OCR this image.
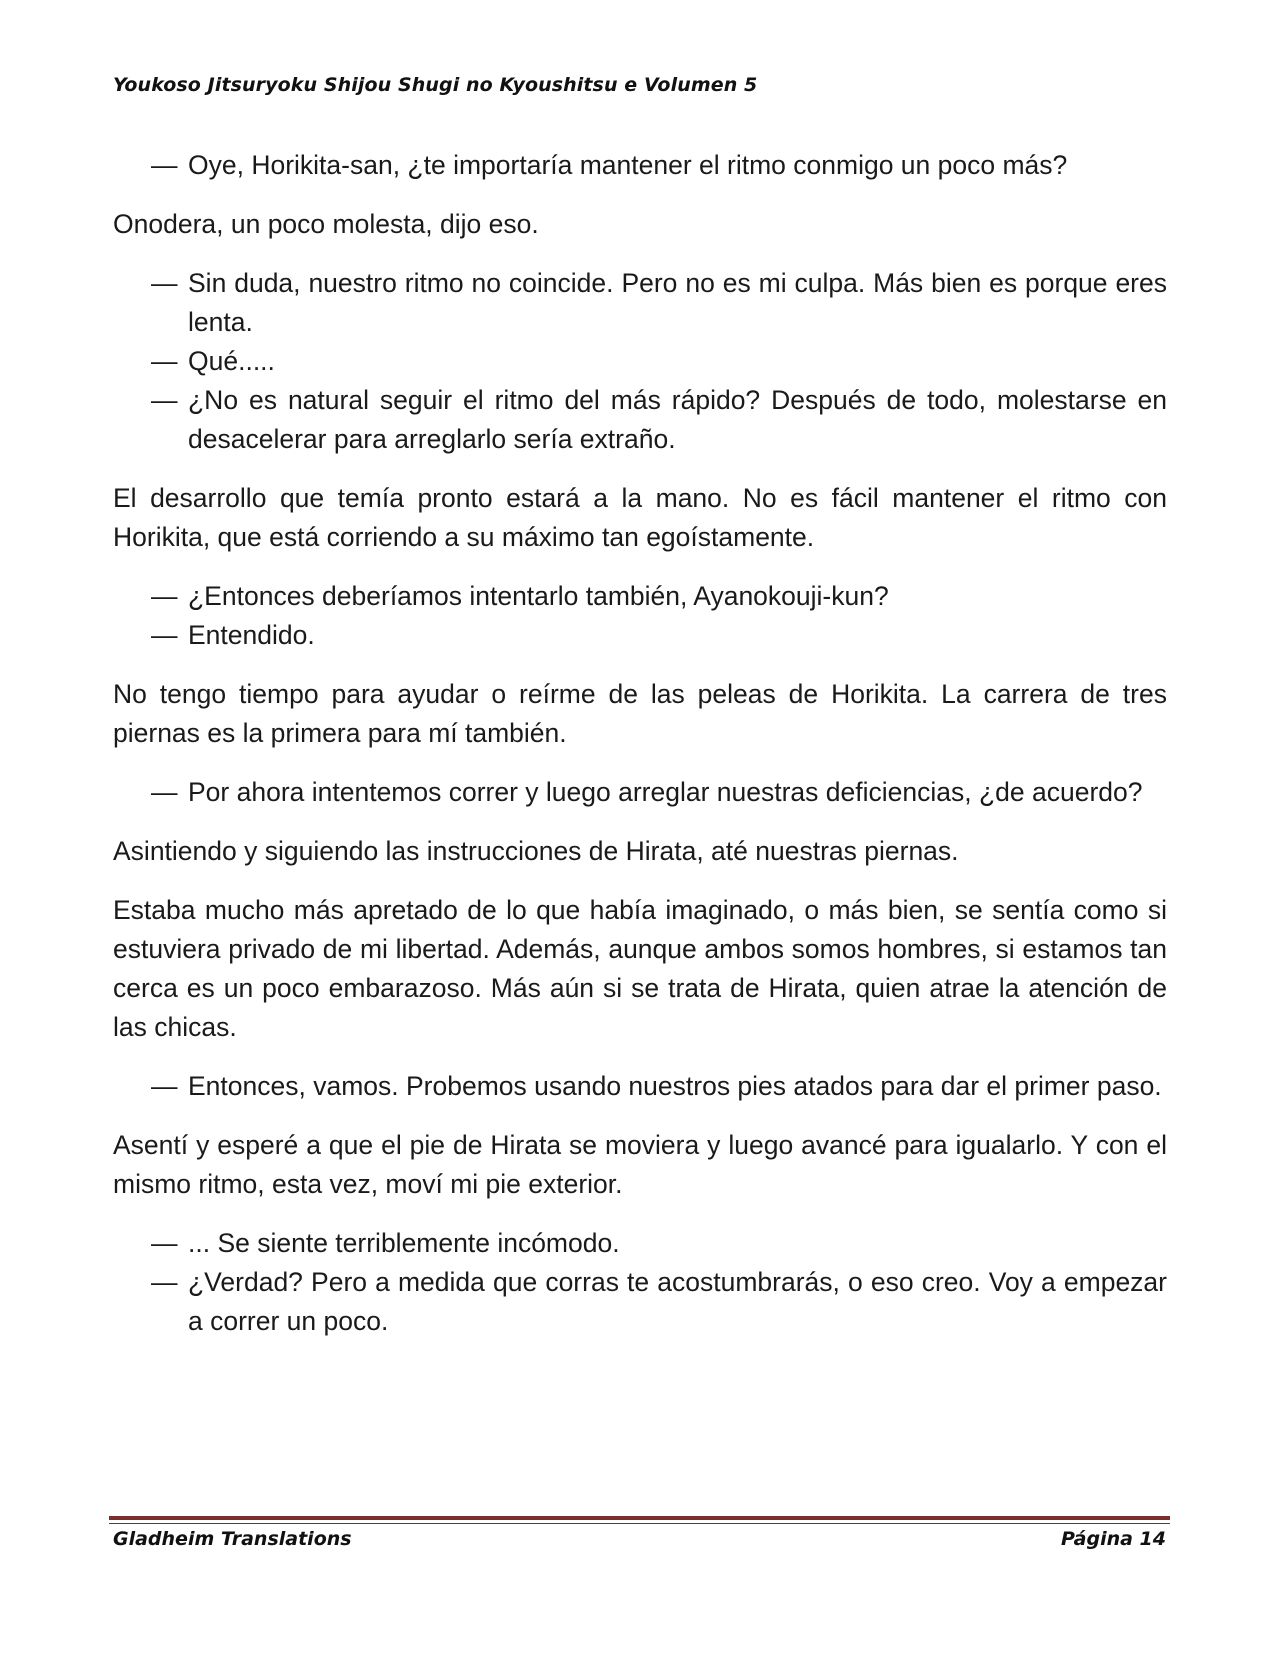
Youkoso Jitsuryoku Shijou Shugi no Kyoushitsu e Volumen 5
— Oye, Horikita-san, ¿te importaría mantener el ritmo conmigo un poco más?

Onodera, un poco molesta, dijo eso.

— Sin duda, nuestro ritmo no coincide. Pero no es mi culpa. Más bien es porque eres lenta.
— Qué.....
— ¿No es natural seguir el ritmo del más rápido? Después de todo, molestarse en desacelerar para arreglarlo sería extraño.

El desarrollo que temía pronto estará a la mano. No es fácil mantener el ritmo con Horikita, que está corriendo a su máximo tan egoístamente.

— ¿Entonces deberíamos intentarlo también, Ayanokouji-kun?
— Entendido.

No tengo tiempo para ayudar o reírme de las peleas de Horikita. La carrera de tres piernas es la primera para mí también.

— Por ahora intentemos correr y luego arreglar nuestras deficiencias, ¿de acuerdo?

Asintiendo y siguiendo las instrucciones de Hirata, até nuestras piernas.

Estaba mucho más apretado de lo que había imaginado, o más bien, se sentía como si estuviera privado de mi libertad. Además, aunque ambos somos hombres, si estamos tan cerca es un poco embarazoso. Más aún si se trata de Hirata, quien atrae la atención de las chicas.

— Entonces, vamos. Probemos usando nuestros pies atados para dar el primer paso.

Asentí y esperé a que el pie de Hirata se moviera y luego avancé para igualarlo. Y con el mismo ritmo, esta vez, moví mi pie exterior.

— ... Se siente terriblemente incómodo.
— ¿Verdad? Pero a medida que corras te acostumbrarás, o eso creo. Voy a empezar a correr un poco.
Gladheim Translations	Página 14
